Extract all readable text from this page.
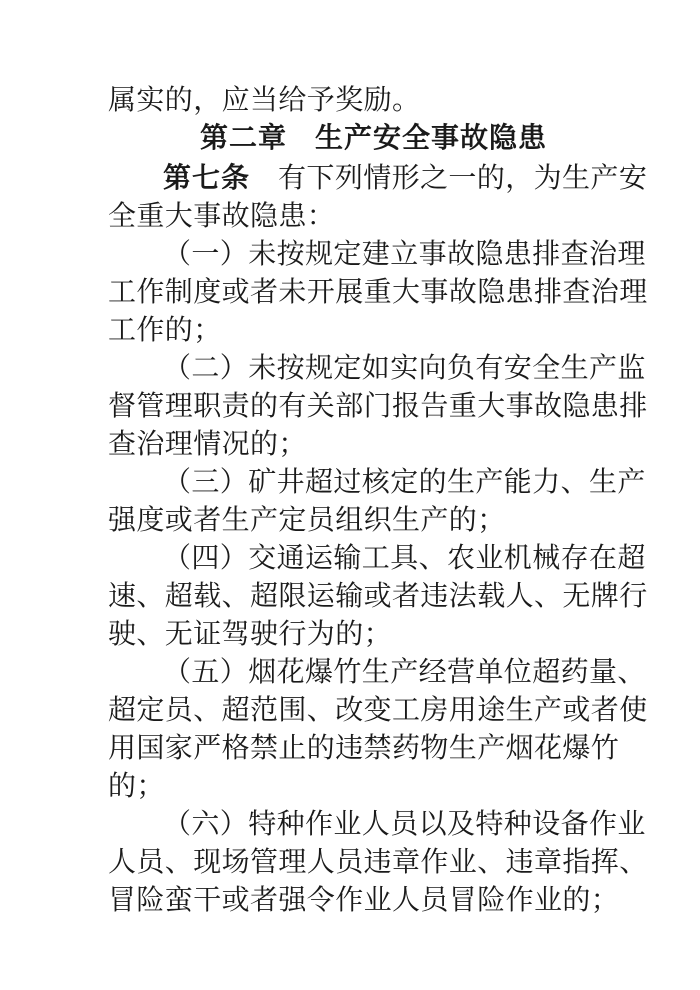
属实的，应当给予奖励。
第二章 生产安全事故隐患
第七条 有下列情形之一的，为生产安
全重大事故隐患：
（一）未按规定建立事故隐患排查治理
工作制度或者未开展重大事故隐患排查治理
工作的；
（二）未按规定如实向负有安全生产监
督管理职责的有关部门报告重大事故隐患排
查治理情况的；
（三）矿井超过核定的生产能力、生产
强度或者生产定员组织生产的；
（四）交通运输工具、农业机械存在超
速、超载、超限运输或者违法载人、无牌行
驶、无证驾驶行为的；
（五）烟花爆竹生产经营单位超药量、
超定员、超范围、改变工房用途生产或者使
用国家严格禁止的违禁药物生产烟花爆竹
的；
（六）特种作业人员以及特种设备作业
人员、现场管理人员违章作业、违章指挥、
冒险蛮干或者强令作业人员冒险作业的；
